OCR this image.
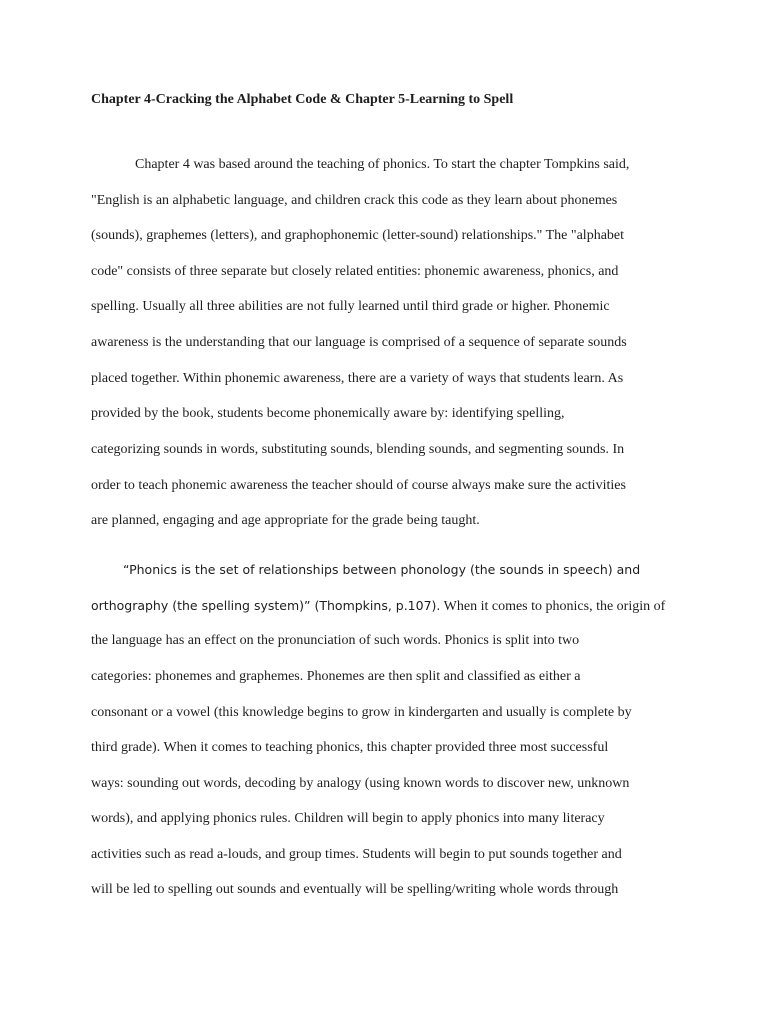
Chapter 4-Cracking the Alphabet Code & Chapter 5-Learning to Spell
Chapter 4 was based around the teaching of phonics. To start the chapter Tompkins said,
"English is an alphabetic language, and children crack this code as they learn about phonemes
(sounds), graphemes (letters), and graphophonemic (letter-sound) relationships." The "alphabet
code" consists of three separate but closely related entities: phonemic awareness, phonics, and
spelling. Usually all three abilities are not fully learned until third grade or higher. Phonemic
awareness is the understanding that our language is comprised of a sequence of separate sounds
placed together. Within phonemic awareness, there are a variety of ways that students learn. As
provided by the book, students become phonemically aware by: identifying spelling,
categorizing sounds in words, substituting sounds, blending sounds, and segmenting sounds. In
order to teach phonemic awareness the teacher should of course always make sure the activities
are planned, engaging and age appropriate for the grade being taught.
“Phonics is the set of relationships between phonology (the sounds in speech) and
orthography (the spelling system)” (Thompkins, p.107). When it comes to phonics, the origin of
the language has an effect on the pronunciation of such words. Phonics is split into two
categories: phonemes and graphemes. Phonemes are then split and classified as either a
consonant or a vowel (this knowledge begins to grow in kindergarten and usually is complete by
third grade). When it comes to teaching phonics, this chapter provided three most successful
ways: sounding out words, decoding by analogy (using known words to discover new, unknown
words), and applying phonics rules. Children will begin to apply phonics into many literacy
activities such as read a-louds, and group times. Students will begin to put sounds together and
will be led to spelling out sounds and eventually will be spelling/writing whole words through
